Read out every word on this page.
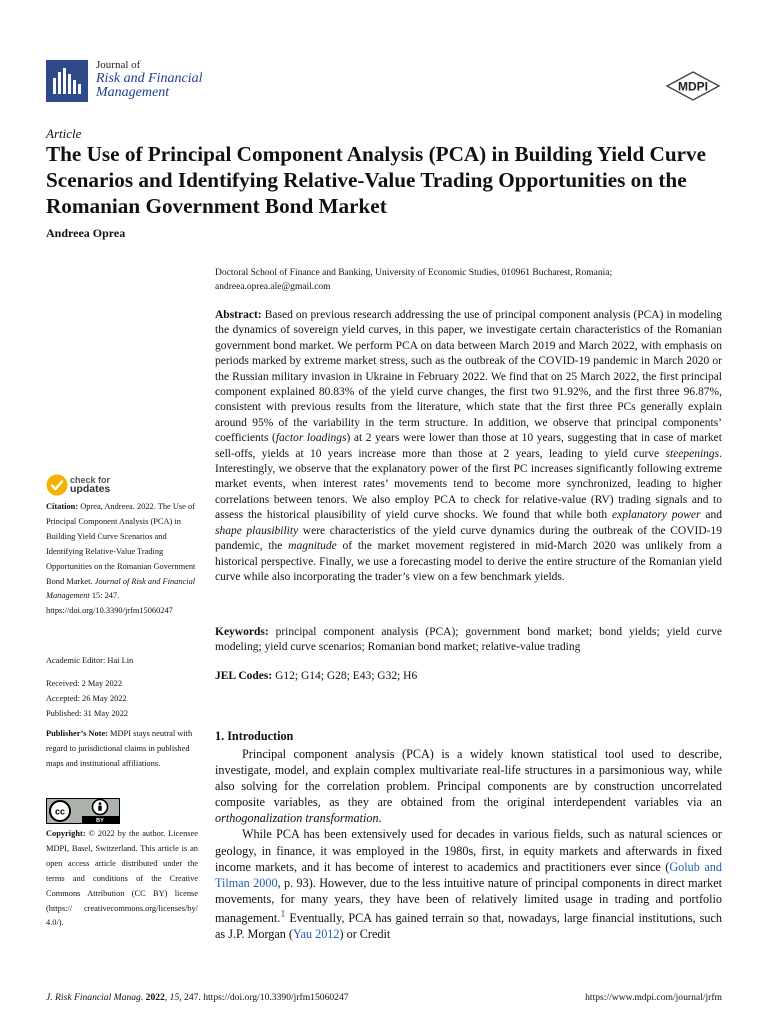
Journal of
Risk and Financial
Management	MDPI
Article
The Use of Principal Component Analysis (PCA) in Building Yield Curve Scenarios and Identifying Relative-Value Trading Opportunities on the Romanian Government Bond Market
Andreea Oprea
Doctoral School of Finance and Banking, University of Economic Studies, 010961 Bucharest, Romania;
andreea.oprea.ale@gmail.com
Abstract: Based on previous research addressing the use of principal component analysis (PCA) in modeling the dynamics of sovereign yield curves, in this paper, we investigate certain characteristics of the Romanian government bond market. We perform PCA on data between March 2019 and March 2022, with emphasis on periods marked by extreme market stress, such as the outbreak of the COVID-19 pandemic in March 2020 or the Russian military invasion in Ukraine in February 2022. We find that on 25 March 2022, the first principal component explained 80.83% of the yield curve changes, the first two 91.92%, and the first three 96.87%, consistent with previous results from the literature, which state that the first three PCs generally explain around 95% of the variability in the term structure. In addition, we observe that principal components’ coefficients (factor loadings) at 2 years were lower than those at 10 years, suggesting that in case of market sell-offs, yields at 10 years increase more than those at 2 years, leading to yield curve steepenings. Interestingly, we observe that the explanatory power of the first PC increases significantly following extreme market events, when interest rates’ movements tend to become more synchronized, leading to higher correlations between tenors. We also employ PCA to check for relative-value (RV) trading signals and to assess the historical plausibility of yield curve shocks. We found that while both explanatory power and shape plausibility were characteristics of the yield curve dynamics during the outbreak of the COVID-19 pandemic, the magnitude of the market movement registered in mid-March 2020 was unlikely from a historical perspective. Finally, we use a forecasting model to derive the entire structure of the Romanian yield curve while also incorporating the trader’s view on a few benchmark yields.
Keywords: principal component analysis (PCA); government bond market; bond yields; yield curve modeling; yield curve scenarios; Romanian bond market; relative-value trading
JEL Codes: G12; G14; G28; E43; G32; H6
check for
updates
Citation: Oprea, Andreea. 2022. The Use of Principal Component Analysis (PCA) in Building Yield Curve Scenarios and Identifying Relative-Value Trading Opportunities on the Romanian Government Bond Market. Journal of Risk and Financial Management 15: 247. https://doi.org/10.3390/jrfm15060247
Academic Editor: Hai Lin
Received: 2 May 2022
Accepted: 26 May 2022
Published: 31 May 2022
Publisher’s Note: MDPI stays neutral with regard to jurisdictional claims in published maps and institutional affiliations.
cc
BY
Copyright: © 2022 by the author. Licensee MDPI, Basel, Switzerland. This article is an open access article distributed under the terms and conditions of the Creative Commons Attribution (CC BY) license (https:// creativecommons.org/licenses/by/ 4.0/).
1. Introduction

Principal component analysis (PCA) is a widely known statistical tool used to describe, investigate, model, and explain complex multivariate real-life structures in a parsimonious way, while also solving for the correlation problem. Principal components are by construction uncorrelated composite variables, as they are obtained from the original interdependent variables via an orthogonalization transformation.

While PCA has been extensively used for decades in various fields, such as natural sciences or geology, in finance, it was employed in the 1980s, first, in equity markets and afterwards in fixed income markets, and it has become of interest to academics and practitioners ever since (Golub and Tilman 2000, p. 93). However, due to the less intuitive nature of principal components in direct market movements, for many years, they have been of relatively limited usage in trading and portfolio management.$^1$ Eventually, PCA has gained terrain so that, nowadays, large financial institutions, such as J.P. Morgan (Yau 2012) or Credit

J. Risk Financial Manag. 2022, 15, 247. https://doi.org/10.3390/jrfm15060247	https://www.mdpi.com/journal/jrfm
